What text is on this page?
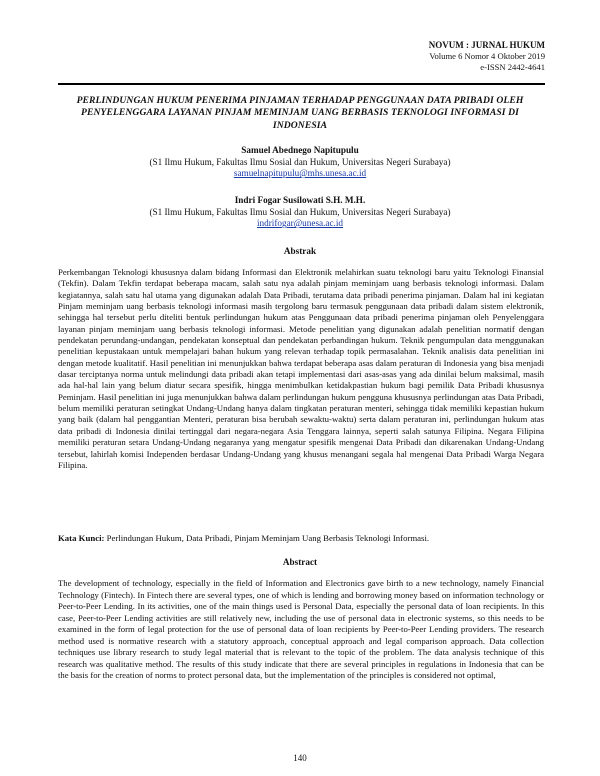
NOVUM : JURNAL HUKUM
Volume 6 Nomor 4 Oktober 2019
e-ISSN 2442-4641
PERLINDUNGAN HUKUM PENERIMA PINJAMAN TERHADAP PENGGUNAAN DATA PRIBADI OLEH PENYELENGGARA LAYANAN PINJAM MEMINJAM UANG BERBASIS TEKNOLOGI INFORMASI DI INDONESIA
Samuel Abednego Napitupulu
(S1 Ilmu Hukum, Fakultas Ilmu Sosial dan Hukum, Universitas Negeri Surabaya)
samuelnapitupulu@mhs.unesa.ac.id
Indri Fogar Susilowati S.H. M.H.
(S1 Ilmu Hukum, Fakultas Ilmu Sosial dan Hukum, Universitas Negeri Surabaya)
indrifogar@unesa.ac.id
Abstrak
Perkembangan Teknologi khususnya dalam bidang Informasi dan Elektronik melahirkan suatu teknologi baru yaitu Teknologi Finansial (Tekfin). Dalam Tekfin terdapat beberapa macam, salah satu nya adalah pinjam meminjam uang berbasis teknologi informasi. Dalam kegiatannya, salah satu hal utama yang digunakan adalah Data Pribadi, terutama data pribadi penerima pinjaman. Dalam hal ini kegiatan Pinjam meminjam uang berbasis teknologi informasi masih tergolong baru termasuk penggunaan data pribadi dalam sistem elektronik, sehingga hal tersebut perlu diteliti bentuk perlindungan hukum atas Penggunaan data pribadi penerima pinjaman oleh Penyelenggara layanan pinjam meminjam uang berbasis teknologi informasi. Metode penelitian yang digunakan adalah penelitian normatif dengan pendekatan perundang-undangan, pendekatan konseptual dan pendekatan perbandingan hukum. Teknik pengumpulan data menggunakan penelitian kepustakaan untuk mempelajari bahan hukum yang relevan terhadap topik permasalahan. Teknik analisis data penelitian ini dengan metode kualitatif. Hasil penelitian ini menunjukkan bahwa terdapat beberapa asas dalam peraturan di Indonesia yang bisa menjadi dasar terciptanya norma untuk melindungi data pribadi akan tetapi implementasi dari asas-asas yang ada dinilai belum maksimal, masih ada hal-hal lain yang belum diatur secara spesifik, hingga menimbulkan ketidakpastian hukum bagi pemilik Data Pribadi khususnya Peminjam. Hasil penelitian ini juga menunjukkan bahwa dalam perlindungan hukum pengguna khususnya perlindungan atas Data Pribadi, belum memiliki peraturan setingkat Undang-Undang hanya dalam tingkatan peraturan menteri, sehingga tidak memiliki kepastian hukum yang baik (dalam hal penggantian Menteri, peraturan bisa berubah sewaktu-waktu) serta dalam peraturan ini, perlindungan hukum atas data pribadi di Indonesia dinilai tertinggal dari negara-negara Asia Tenggara lainnya, seperti salah satunya Filipina. Negara Filipina memiliki peraturan setara Undang-Undang negaranya yang mengatur spesifik mengenai Data Pribadi dan dikarenakan Undang-Undang tersebut, lahirlah komisi Independen berdasar Undang-Undang yang khusus menangani segala hal mengenai Data Pribadi Warga Negara Filipina.
Kata Kunci: Perlindungan Hukum, Data Pribadi, Pinjam Meminjam Uang Berbasis Teknologi Informasi.
Abstract
The development of technology, especially in the field of Information and Electronics gave birth to a new technology, namely Financial Technology (Fintech). In Fintech there are several types, one of which is lending and borrowing money based on information technology or Peer-to-Peer Lending. In its activities, one of the main things used is Personal Data, especially the personal data of loan recipients. In this case, Peer-to-Peer Lending activities are still relatively new, including the use of personal data in electronic systems, so this needs to be examined in the form of legal protection for the use of personal data of loan recipients by Peer-to-Peer Lending providers. The research method used is normative research with a statutory approach, conceptual approach and legal comparison approach. Data collection techniques use library research to study legal material that is relevant to the topic of the problem. The data analysis technique of this research was qualitative method. The results of this study indicate that there are several principles in regulations in Indonesia that can be the basis for the creation of norms to protect personal data, but the implementation of the principles is considered not optimal,
140
